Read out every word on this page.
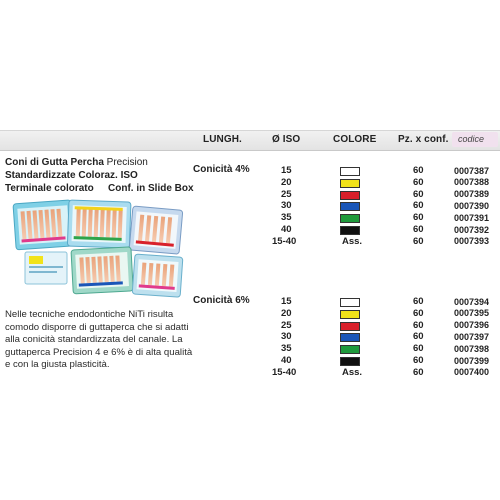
LUNGH.	Ø ISO	COLORE Pz. x conf. codice
Coni di Gutta Percha Precision
Standardizzate Coloraz. ISO
Terminale colorato Conf. in Slide Box

Nelle tecniche endodontiche NiTi risulta comodo disporre di guttaperca che si adatti alla conicità standardizzata del canale. La guttaperca Precision 4 e 6% è di alta qualità e con la giusta plasticità.

Conicità 4%	15	60	0007387
20	60	0007388
25	60	0007389
30	60	0007390
35	60	0007391
40	60	0007392
15-40	Ass.	60	0007393
Conicità 6%	15	60	0007394
20	60	0007395
25	60	0007396
30	60	0007397
35	60	0007398
40	60	0007399
15-40	Ass.	60	0007400
